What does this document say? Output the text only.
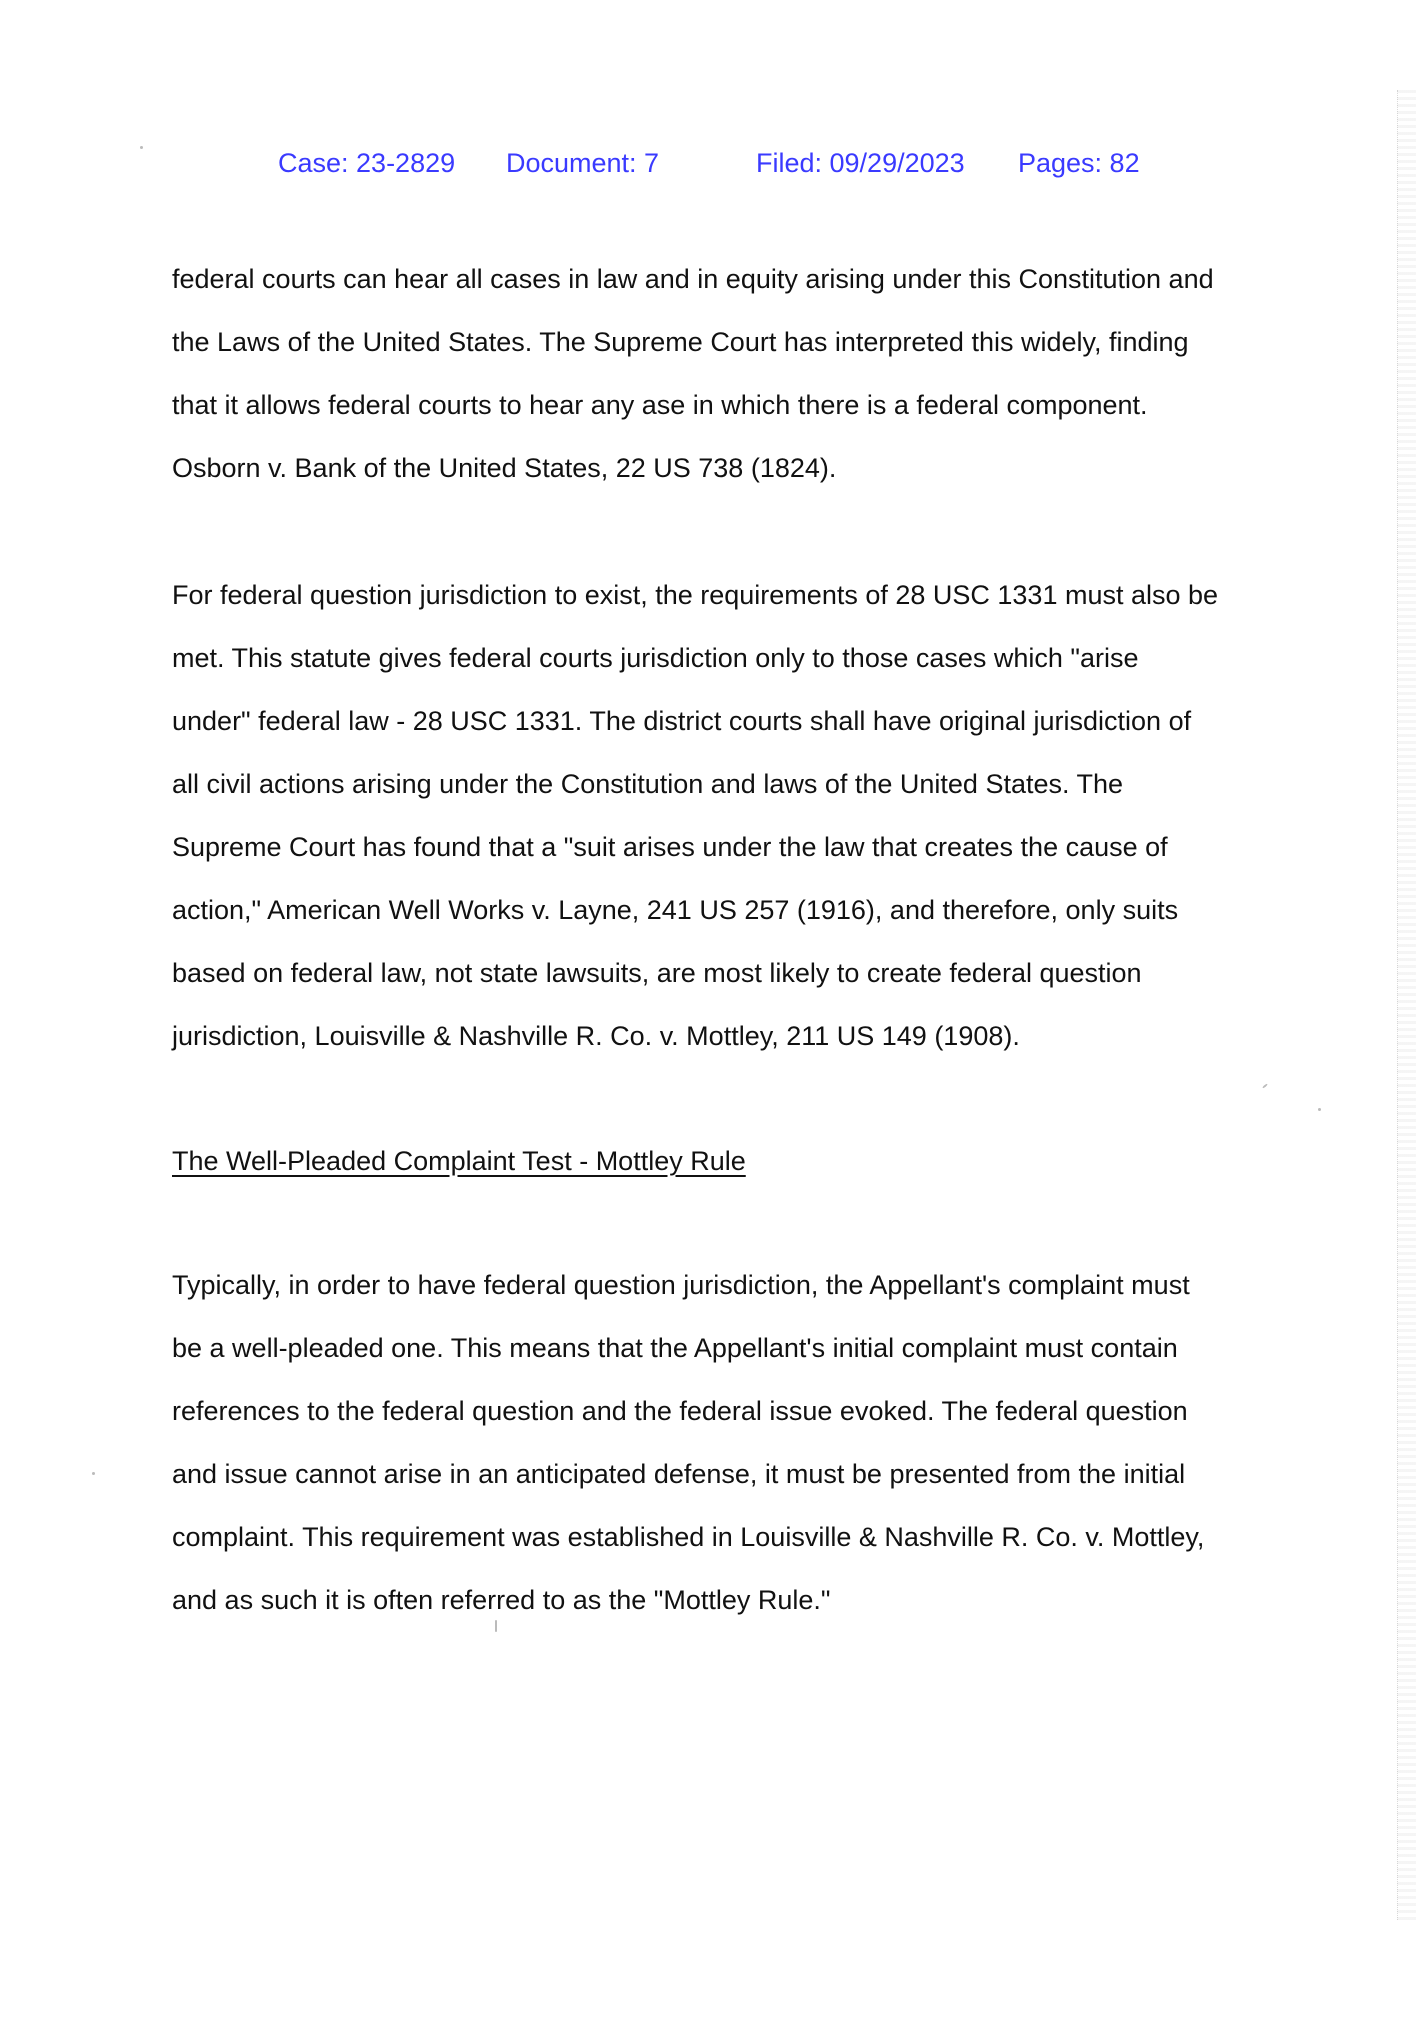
Case: 23-2829 Document: 7	Filed: 09/29/2023 Pages: 82
federal courts can hear all cases in law and in equity arising under this Constitution and
the Laws of the United States. The Supreme Court has interpreted this widely, finding
that it allows federal courts to hear any ase in which there is a federal component.
Osborn v. Bank of the United States, 22 US 738 (1824).
For federal question jurisdiction to exist, the requirements of 28 USC 1331 must also be
met. This statute gives federal courts jurisdiction only to those cases which "arise
under" federal law - 28 USC 1331. The district courts shall have original jurisdiction of
all civil actions arising under the Constitution and laws of the United States. The
Supreme Court has found that a "suit arises under the law that creates the cause of
action," American Well Works v. Layne, 241 US 257 (1916), and therefore, only suits
based on federal law, not state lawsuits, are most likely to create federal question
jurisdiction, Louisville & Nashville R. Co. v. Mottley, 211 US 149 (1908).
The Well-Pleaded Complaint Test - Mottley Rule
Typically, in order to have federal question jurisdiction, the Appellant's complaint must
be a well-pleaded one. This means that the Appellant's initial complaint must contain
references to the federal question and the federal issue evoked. The federal question
and issue cannot arise in an anticipated defense, it must be presented from the initial
complaint. This requirement was established in Louisville & Nashville R. Co. v. Mottley,
and as such it is often referred to as the "Mottley Rule."
